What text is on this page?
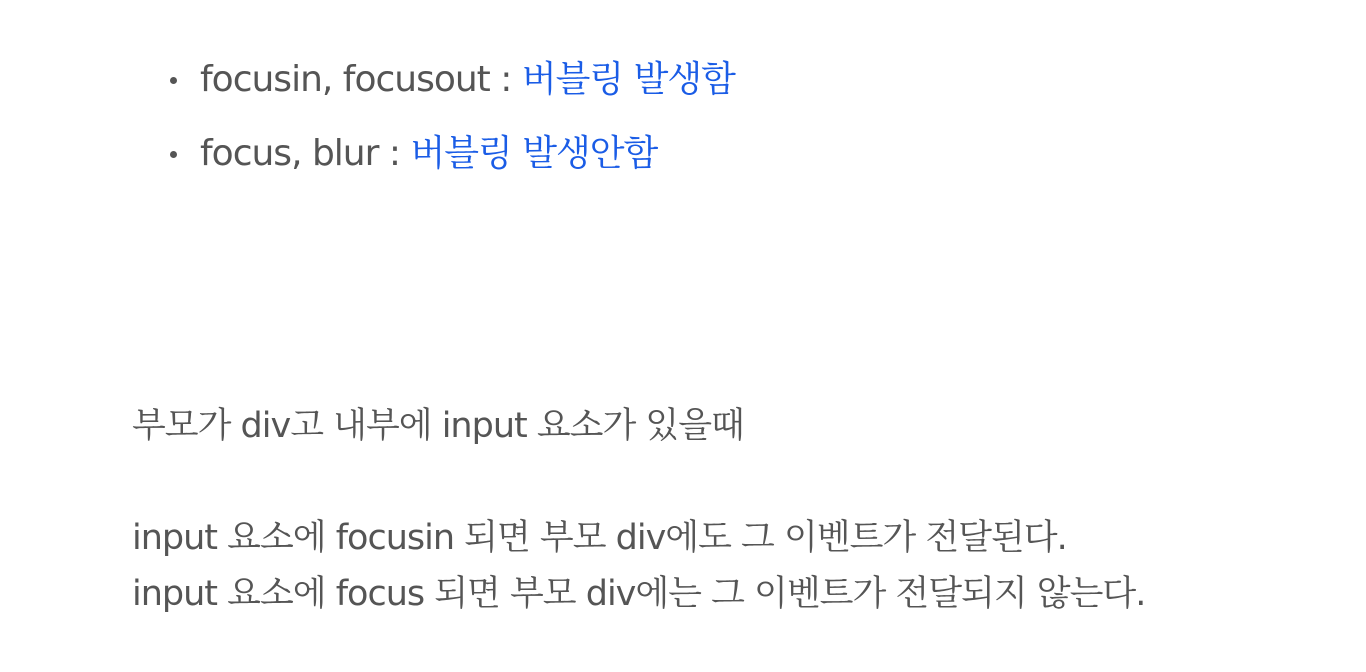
focusin, focusout : 버블링 발생함
focus, blur : 버블링 발생안함

부모가 div고 내부에 input 요소가 있을때

input 요소에 focusin 되면 부모 div에도 그 이벤트가 전달된다.

input 요소에 focus 되면 부모 div에는 그 이벤트가 전달되지 않는다.
